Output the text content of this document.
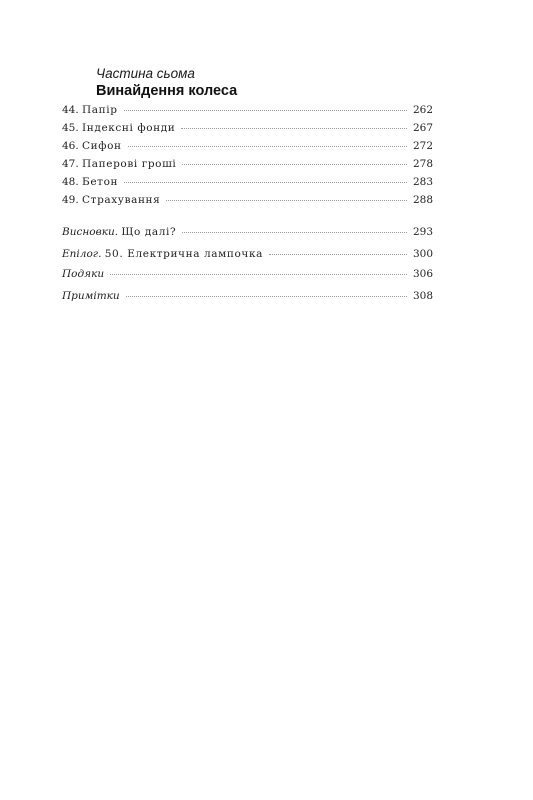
Частина сьома
Винайдення колеса
44. Папір	262
45. Індексні фонди	267
46. Сифон	272
47. Паперові гроші	278
48. Бетон	283
49. Страхування	288
Висновки. Що далі?	293
Епілог. 50. Електрична лампочка	300
Подяки	306
Примітки	308
